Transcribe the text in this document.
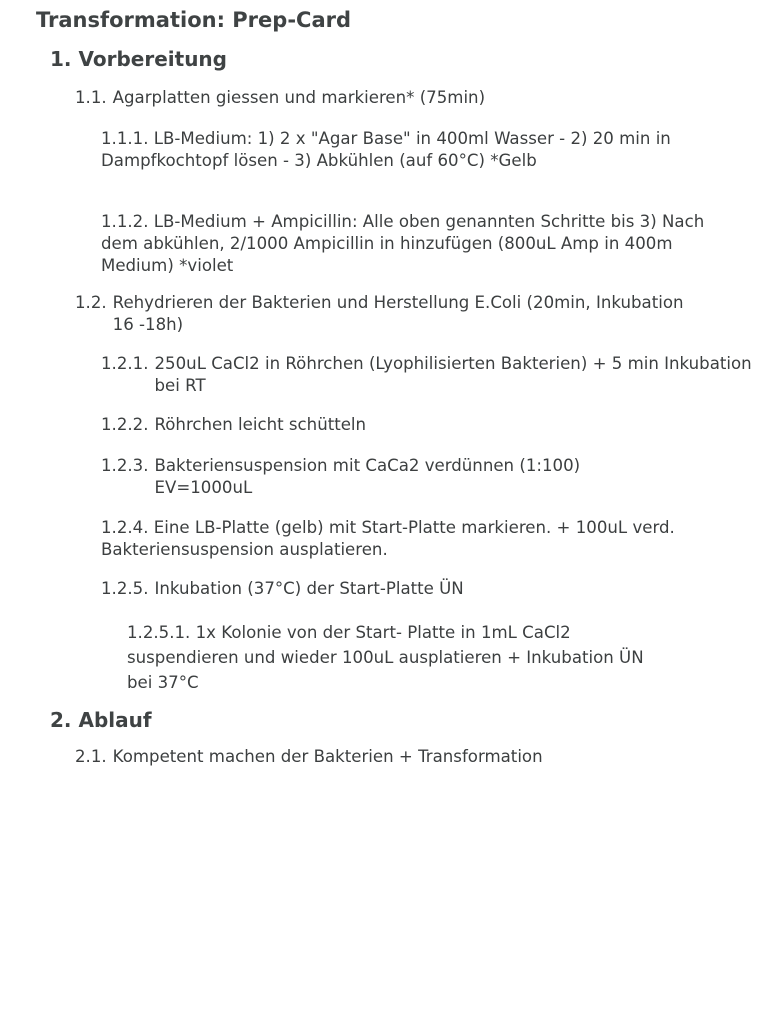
Transformation: Prep-Card
1. Vorbereitung
1.1. Agarplatten giessen und markieren* (75min)
1.1.1. LB-Medium: 1) 2 x "Agar Base" in 400ml Wasser - 2) 20 min in Dampfkochtopf lösen - 3) Abkühlen (auf 60°C) *Gelb
1.1.2. LB-Medium + Ampicillin: Alle oben genannten Schritte bis 3) Nach dem abkühlen, 2/1000 Ampicillin in hinzufügen (800uL Amp in 400m Medium) *violet
1.2. Rehydrieren der Bakterien und Herstellung E.Coli (20min, Inkubation 16 -18h)
1.2.1. 250uL CaCl2 in Röhrchen (Lyophilisierten Bakterien) + 5 min Inkubation bei RT
1.2.2. Röhrchen leicht schütteln
1.2.3. Bakteriensuspension mit CaCa2 verdünnen (1:100) EV=1000uL
1.2.4. Eine LB-Platte (gelb) mit Start-Platte markieren. + 100uL verd. Bakteriensuspension ausplatieren.
1.2.5. Inkubation (37°C) der Start-Platte ÜN
1.2.5.1. 1x Kolonie von der Start- Platte in 1mL CaCl2 suspendieren und wieder 100uL ausplatieren + Inkubation ÜN bei 37°C
2. Ablauf
2.1. Kompetent machen der Bakterien + Transformation
